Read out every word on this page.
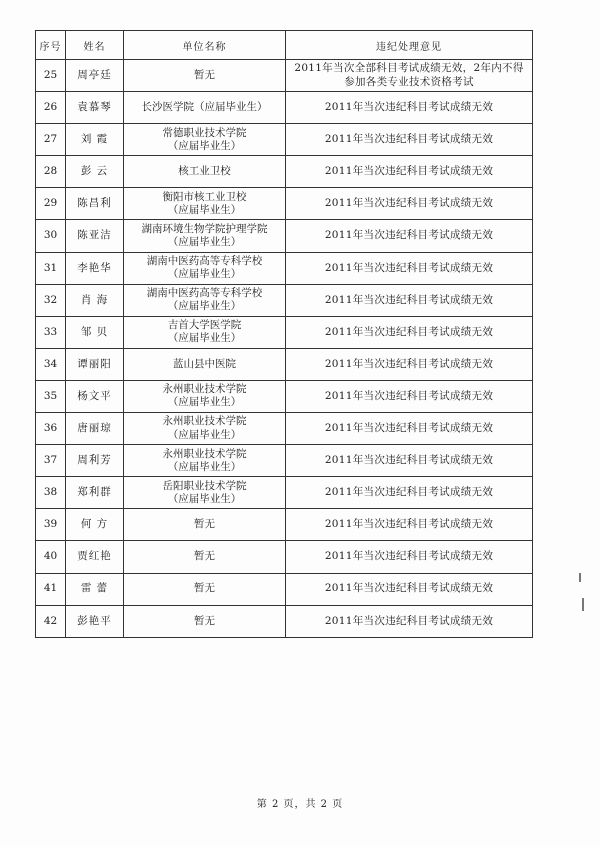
序号	姓名	单位名称	违纪处理意见
25	周亭廷	暂无	2011年当次全部科目考试成绩无效，2年内不得
参加各类专业技术资格考试

26	袁慕琴	长沙医学院（应届毕业生）	2011年当次违纪科目考试成绩无效

27	刘 霞	常德职业技术学院
（应届毕业生）	2011年当次违纪科目考试成绩无效

28	彭 云	核工业卫校	2011年当次违纪科目考试成绩无效

29	陈昌利	衡阳市核工业卫校
（应届毕业生）	2011年当次违纪科目考试成绩无效

30	陈亚洁	湖南环境生物学院护理学院
（应届毕业生）	2011年当次违纪科目考试成绩无效

31	李艳华	湖南中医药高等专科学校
（应届毕业生）	2011年当次违纪科目考试成绩无效

32	肖 海	湖南中医药高等专科学校
（应届毕业生）	2011年当次违纪科目考试成绩无效

33	邹 贝	吉首大学医学院
（应届毕业生）	2011年当次违纪科目考试成绩无效

34	谭丽阳	蓝山县中医院	2011年当次违纪科目考试成绩无效

35	杨文平	永州职业技术学院
（应届毕业生）	2011年当次违纪科目考试成绩无效

36	唐丽琼	永州职业技术学院
（应届毕业生）	2011年当次违纪科目考试成绩无效

37	周利芳	永州职业技术学院
（应届毕业生）	2011年当次违纪科目考试成绩无效

38	郑利群	岳阳职业技术学院
（应届毕业生）	2011年当次违纪科目考试成绩无效

39	何 方	暂无	2011年当次违纪科目考试成绩无效

40	贾红艳	暂无	2011年当次违纪科目考试成绩无效

41	雷 蕾	暂无	2011年当次违纪科目考试成绩无效

42	彭艳平	暂无	2011年当次违纪科目考试成绩无效
第 2 页，共 2 页
